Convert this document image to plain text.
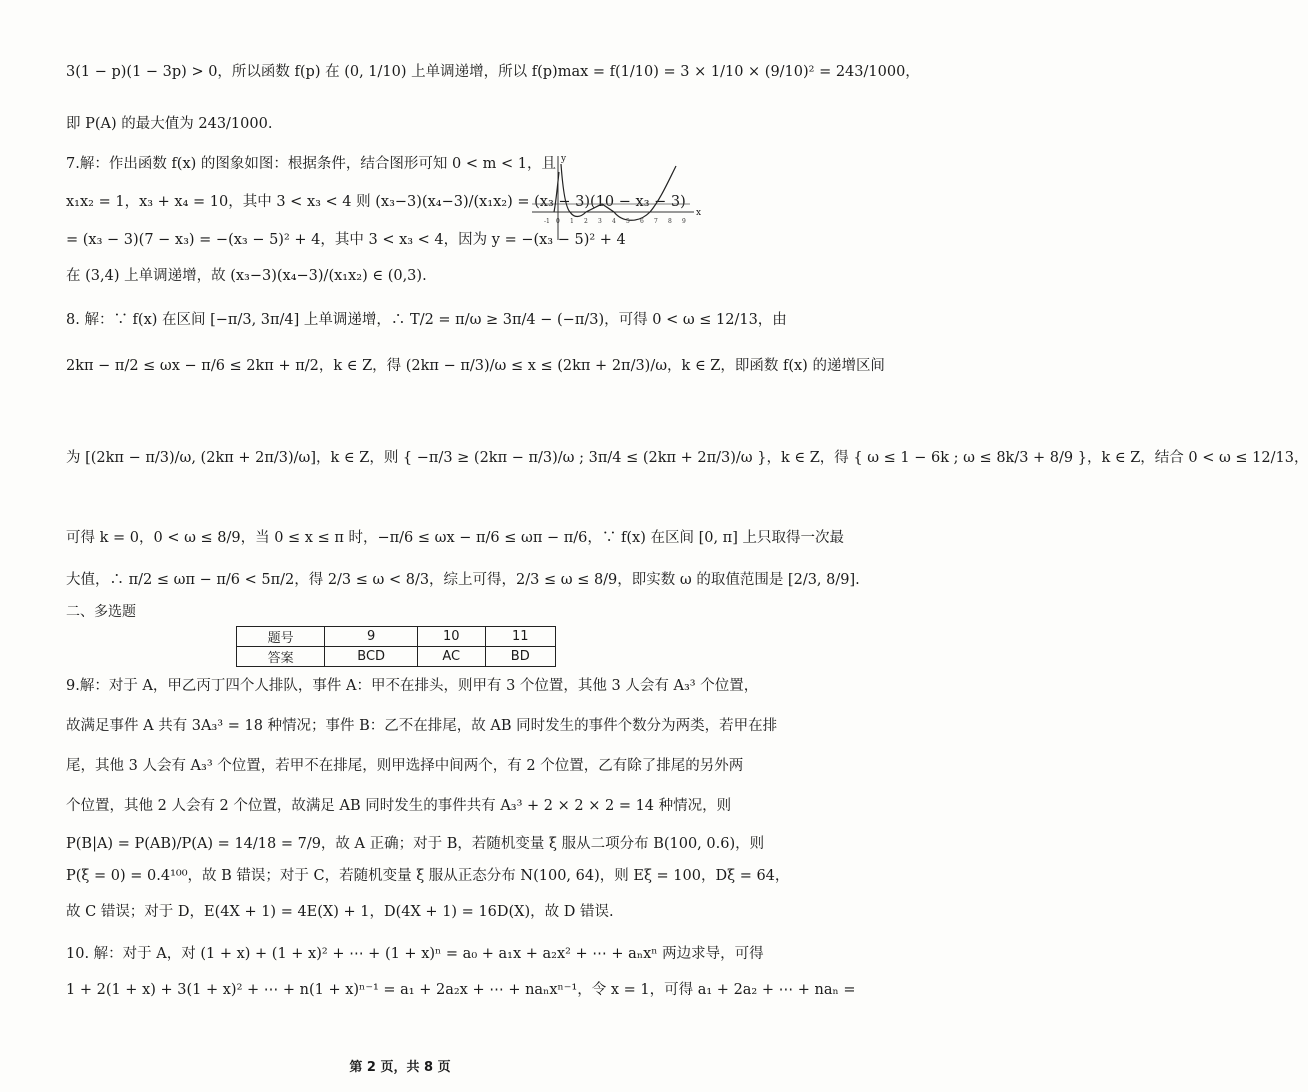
3(1 − p)(1 − 3p) > 0，所以函数 f(p) 在 (0, 1/10) 上单调递增，所以 f(p)max = f(1/10) = 3 × 1/10 × (9/10)² = 243/1000，
即 P(A) 的最大值为 243/1000.
7.解：作出函数 f(x) 的图象如图：根据条件，结合图形可知 0 < m < 1，且
x₁x₂ = 1，x₃ + x₄ = 10，其中 3 < x₃ < 4 则 (x₃−3)(x₄−3)/(x₁x₂) = (x₃ − 3)(10 − x₃ − 3)
= (x₃ − 3)(7 − x₃) = −(x₃ − 5)² + 4，其中 3 < x₃ < 4，因为 y = −(x₃ − 5)² + 4
在 (3,4) 上单调递增，故 (x₃−3)(x₄−3)/(x₁x₂) ∈ (0,3).
8. 解：∵ f(x) 在区间 [−π/3, 3π/4] 上单调递增，∴ T/2 = π/ω ≥ 3π/4 − (−π/3)，可得 0 < ω ≤ 12/13，由
2kπ − π/2 ≤ ωx − π/6 ≤ 2kπ + π/2，k ∈ Z，得 (2kπ − π/3)/ω ≤ x ≤ (2kπ + 2π/3)/ω，k ∈ Z，即函数 f(x) 的递增区间
为 [(2kπ − π/3)/ω, (2kπ + 2π/3)/ω]，k ∈ Z，则 { −π/3 ≥ (2kπ − π/3)/ω ; 3π/4 ≤ (2kπ + 2π/3)/ω }，k ∈ Z，得 { ω ≤ 1 − 6k ; ω ≤ 8k/3 + 8/9 }，k ∈ Z，结合 0 < ω ≤ 12/13，
可得 k = 0，0 < ω ≤ 8/9，当 0 ≤ x ≤ π 时，−π/6 ≤ ωx − π/6 ≤ ωπ − π/6，∵ f(x) 在区间 [0, π] 上只取得一次最
大值，∴ π/2 ≤ ωπ − π/6 < 5π/2，得 2/3 ≤ ω < 8/3，综上可得，2/3 ≤ ω ≤ 8/9，即实数 ω 的取值范围是 [2/3, 8/9].
二、多选题
题号	9	10	11
答案	BCD	AC	BD
9.解：对于 A，甲乙丙丁四个人排队，事件 A：甲不在排头，则甲有 3 个位置，其他 3 人会有 A₃³ 个位置，
故满足事件 A 共有 3A₃³ = 18 种情况；事件 B：乙不在排尾，故 AB 同时发生的事件个数分为两类，若甲在排
尾，其他 3 人会有 A₃³ 个位置，若甲不在排尾，则甲选择中间两个，有 2 个位置，乙有除了排尾的另外两
个位置，其他 2 人会有 2 个位置，故满足 AB 同时发生的事件共有 A₃³ + 2 × 2 × 2 = 14 种情况，则
P(B|A) = P(AB)/P(A) = 14/18 = 7/9，故 A 正确；对于 B，若随机变量 ξ 服从二项分布 B(100, 0.6)，则
P(ξ = 0) = 0.4¹⁰⁰，故 B 错误；对于 C，若随机变量 ξ 服从正态分布 N(100, 64)，则 Eξ = 100，Dξ = 64，
故 C 错误；对于 D，E(4X + 1) = 4E(X) + 1，D(4X + 1) = 16D(X)，故 D 错误.
10. 解：对于 A，对 (1 + x) + (1 + x)² + ⋯ + (1 + x)ⁿ = a₀ + a₁x + a₂x² + ⋯ + aₙxⁿ 两边求导，可得
1 + 2(1 + x) + 3(1 + x)² + ⋯ + n(1 + x)ⁿ⁻¹ = a₁ + 2a₂x + ⋯ + naₙxⁿ⁻¹，令 x = 1，可得 a₁ + 2a₂ + ⋯ + naₙ =
x
y
-1 0 1 2 3 4 5 6 7 8 9
第 2 页，共 8 页
